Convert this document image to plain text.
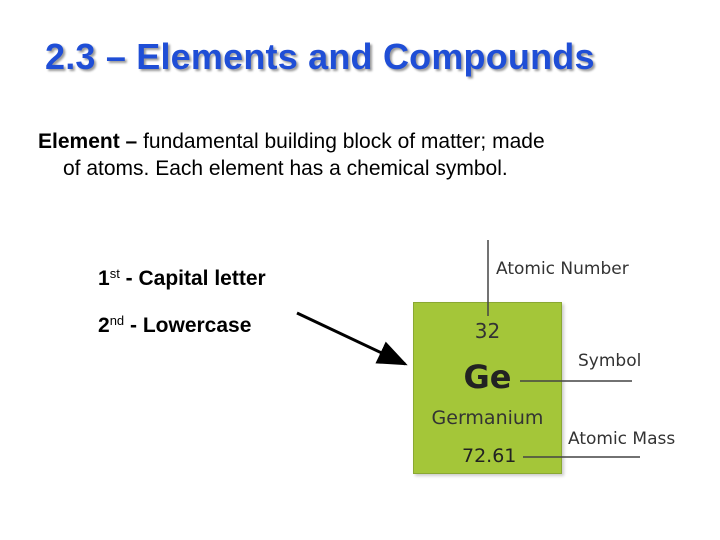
2.3 – Elements and Compounds
Element – fundamental building block of matter; made
of atoms. Each element has a chemical symbol.
1st - Capital letter
2nd - Lowercase	32
Ge
Germanium
72.61
Atomic Number
Symbol
Atomic Mass
